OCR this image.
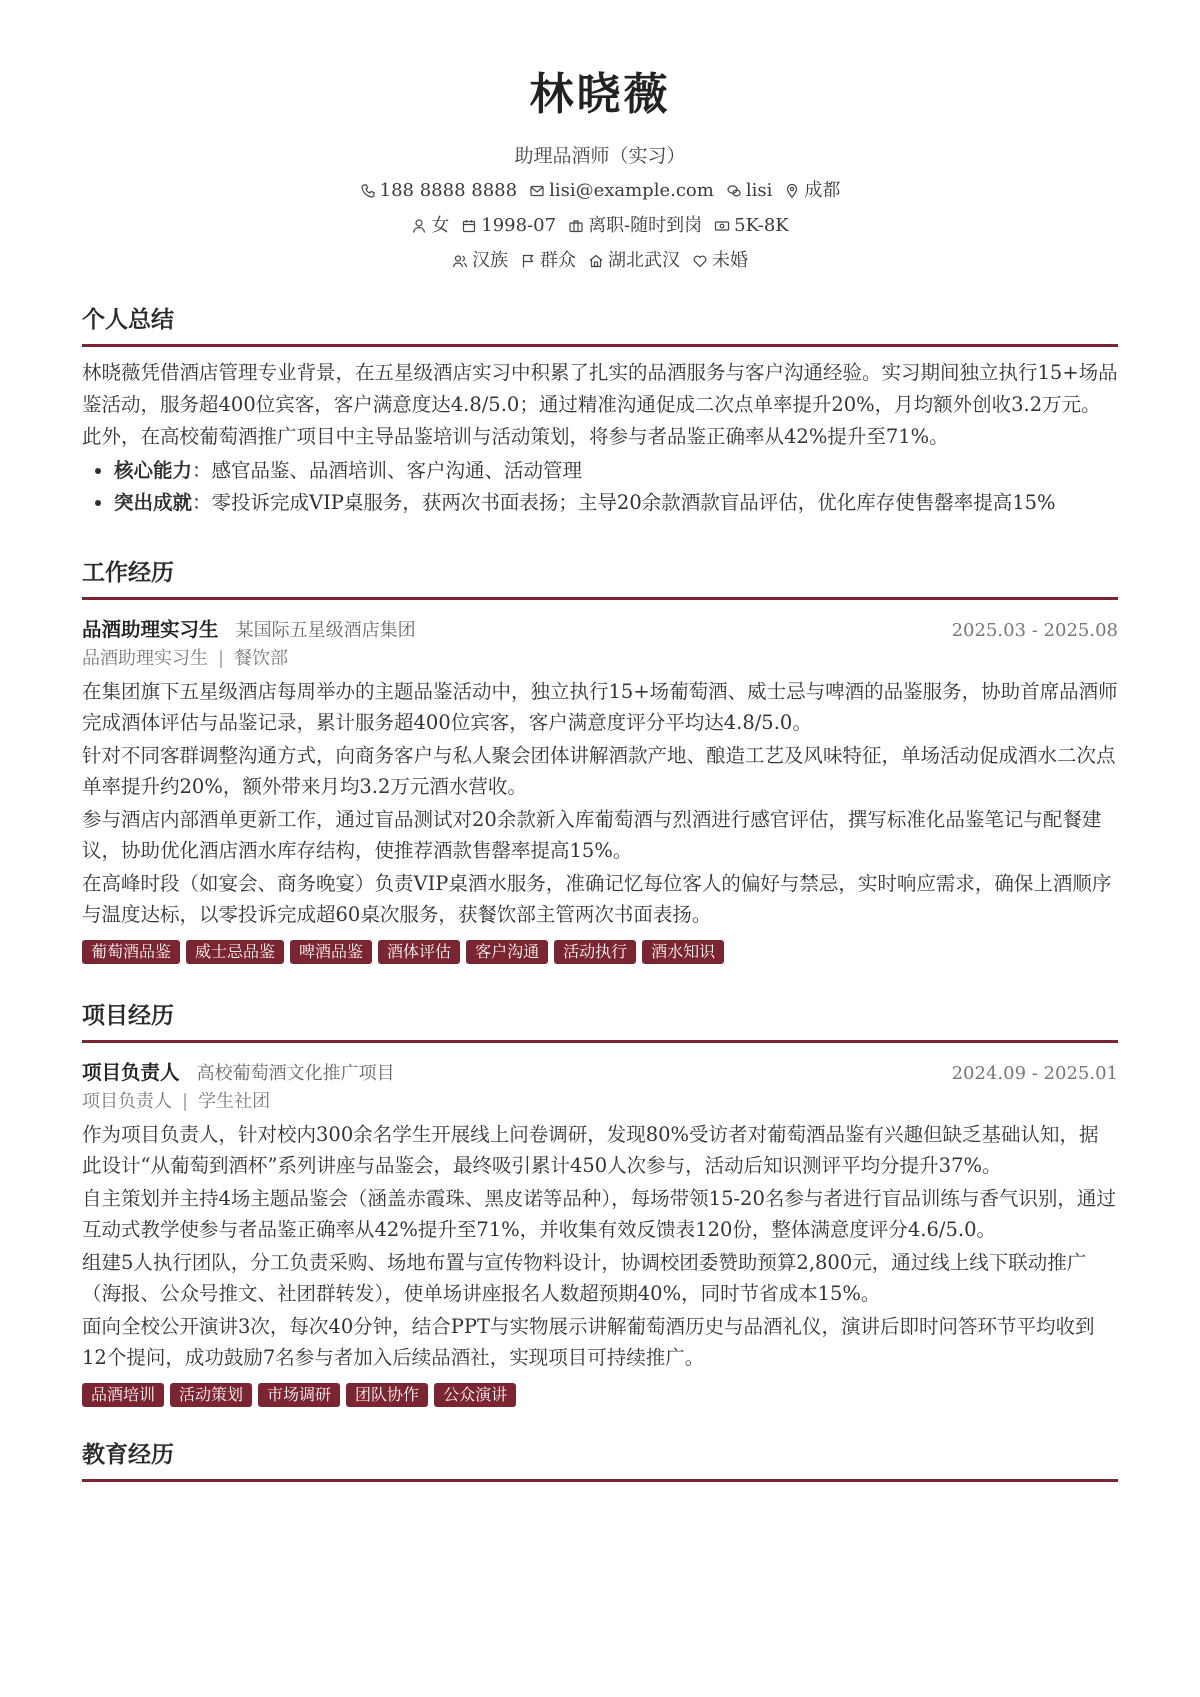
林晓薇
助理品酒师（实习）
188 8888 8888 lisi@example.com lisi 成都
女 1998-07 离职-随时到岗 5K-8K
汉族 群众 湖北武汉 未婚
个人总结

林晓薇凭借酒店管理专业背景，在五星级酒店实习中积累了扎实的品酒服务与客户沟通经验。实习期间独立执行15+场品鉴活动，服务超400位宾客，客户满意度达4.8/5.0；通过精准沟通促成二次点单率提升20%，月均额外创收3.2万元。此外，在高校葡萄酒推广项目中主导品鉴培训与活动策划，将参与者品鉴正确率从42%提升至71%。

• 核心能力：感官品鉴、品酒培训、客户沟通、活动管理
• 突出成就：零投诉完成VIP桌服务，获两次书面表扬；主导20余款酒款盲品评估，优化库存使售罄率提高15%
工作经历
品酒助理实习生 某国际五星级酒店集团	2025.03 - 2025.08
品酒助理实习生 | 餐饮部

在集团旗下五星级酒店每周举办的主题品鉴活动中，独立执行15+场葡萄酒、威士忌与啤酒的品鉴服务，协助首席品酒师完成酒体评估与品鉴记录，累计服务超400位宾客，客户满意度评分平均达4.8/5.0。

针对不同客群调整沟通方式，向商务客户与私人聚会团体讲解酒款产地、酿造工艺及风味特征，单场活动促成酒水二次点单率提升约20%，额外带来月均3.2万元酒水营收。

参与酒店内部酒单更新工作，通过盲品测试对20余款新入库葡萄酒与烈酒进行感官评估，撰写标准化品鉴笔记与配餐建议，协助优化酒店酒水库存结构，使推荐酒款售罄率提高15%。

在高峰时段（如宴会、商务晚宴）负责VIP桌酒水服务，准确记忆每位客人的偏好与禁忌，实时响应需求，确保上酒顺序与温度达标，以零投诉完成超60桌次服务，获餐饮部主管两次书面表扬。

葡萄酒品鉴	威士忌品鉴	啤酒品鉴	酒体评估	客户沟通	活动执行	酒水知识
项目经历
项目负责人 高校葡萄酒文化推广项目	2024.09 - 2025.01
项目负责人 | 学生社团

作为项目负责人，针对校内300余名学生开展线上问卷调研，发现80%受访者对葡萄酒品鉴有兴趣但缺乏基础认知，据此设计“从葡萄到酒杯”系列讲座与品鉴会，最终吸引累计450人次参与，活动后知识测评平均分提升37%。

自主策划并主持4场主题品鉴会（涵盖赤霞珠、黑皮诺等品种），每场带领15-20名参与者进行盲品训练与香气识别，通过互动式教学使参与者品鉴正确率从42%提升至71%，并收集有效反馈表120份，整体满意度评分4.6/5.0。

组建5人执行团队，分工负责采购、场地布置与宣传物料设计，协调校团委赞助预算2,800元，通过线上线下联动推广（海报、公众号推文、社团群转发），使单场讲座报名人数超预期40%，同时节省成本15%。

面向全校公开演讲3次，每次40分钟，结合PPT与实物展示讲解葡萄酒历史与品酒礼仪，演讲后即时问答环节平均收到12个提问，成功鼓励7名参与者加入后续品酒社，实现项目可持续推广。

品酒培训	活动策划	市场调研	团队协作	公众演讲
教育经历
